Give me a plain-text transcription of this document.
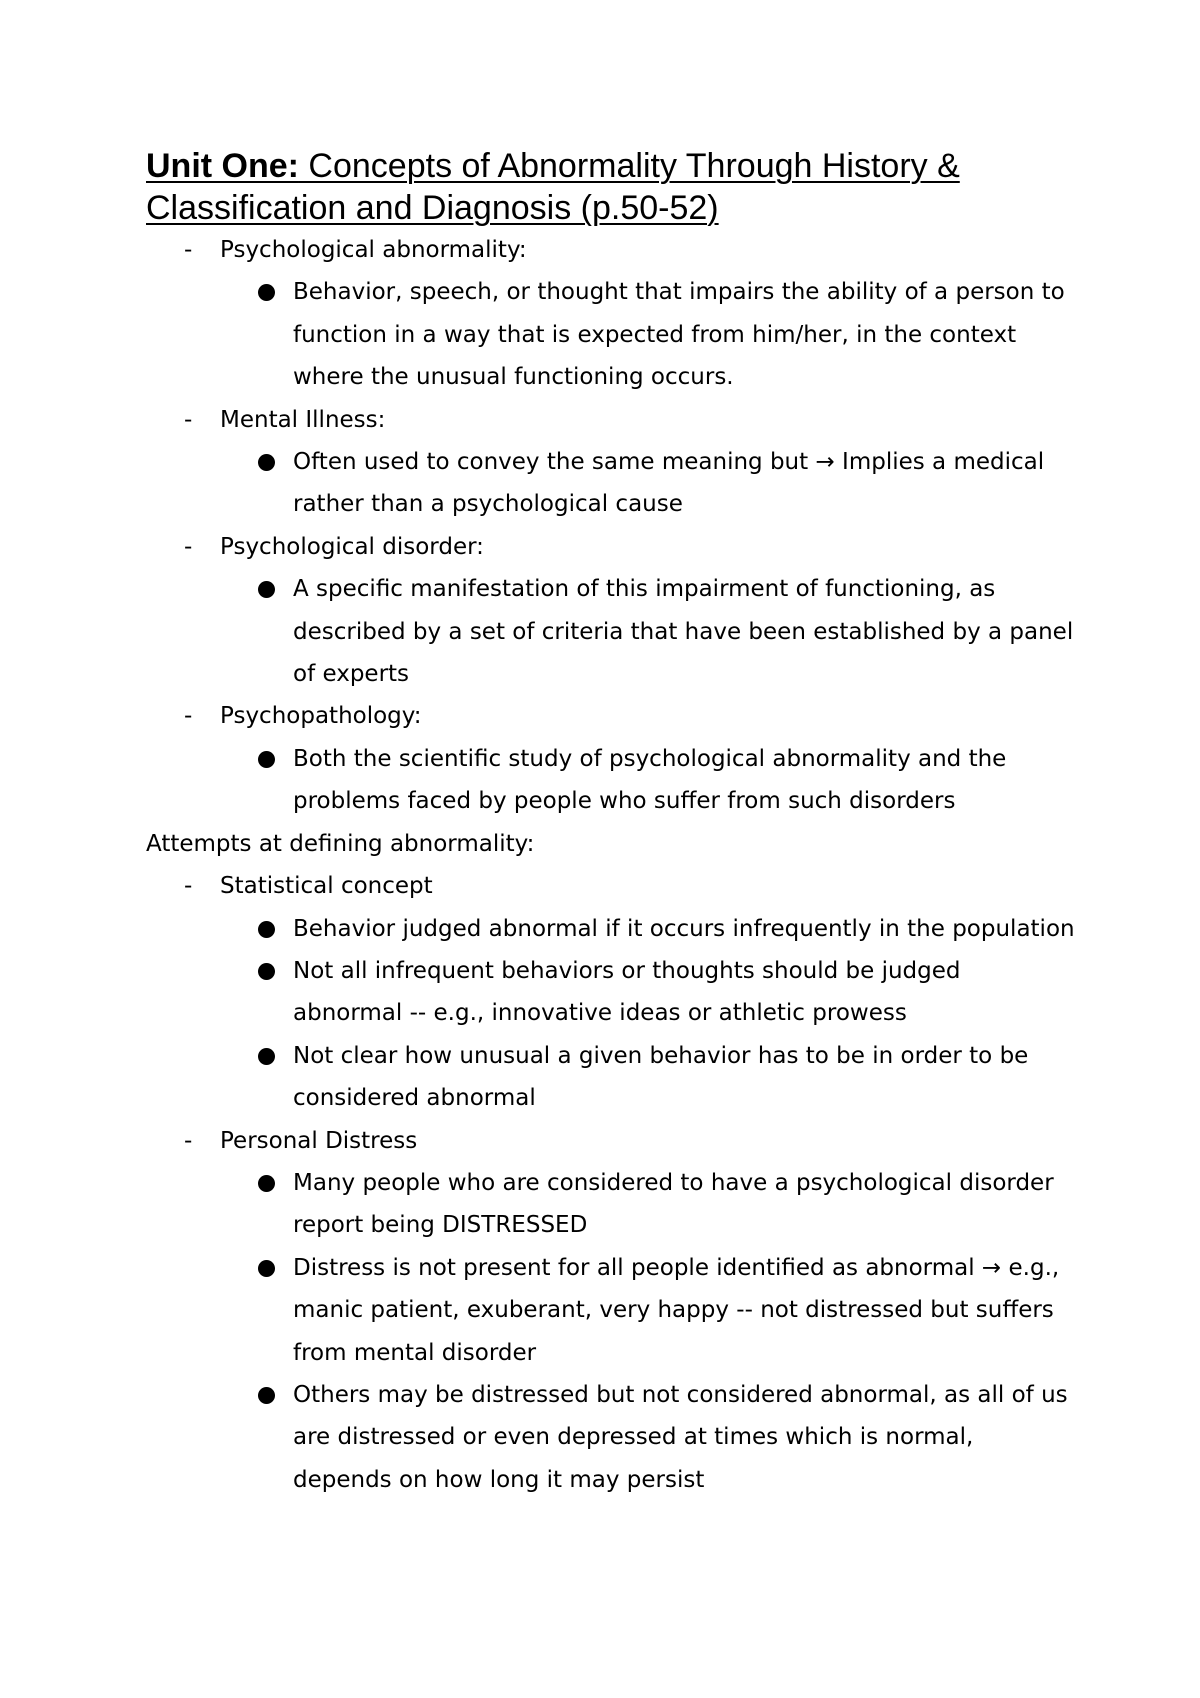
Unit One: Concepts of Abnormality Through History & Classification and Diagnosis (p.50-52)
- Psychological abnormality:
Behavior, speech, or thought that impairs the ability of a person to function in a way that is expected from him/her, in the context where the unusual functioning occurs.
- Mental Illness:
Often used to convey the same meaning but → Implies a medical rather than a psychological cause
- Psychological disorder:
A specific manifestation of this impairment of functioning, as described by a set of criteria that have been established by a panel of experts
- Psychopathology:
Both the scientific study of psychological abnormality and the problems faced by people who suffer from such disorders
Attempts at defining abnormality:
- Statistical concept
Behavior judged abnormal if it occurs infrequently in the population
Not all infrequent behaviors or thoughts should be judged abnormal -- e.g., innovative ideas or athletic prowess
Not clear how unusual a given behavior has to be in order to be considered abnormal
- Personal Distress
Many people who are considered to have a psychological disorder report being DISTRESSED
Distress is not present for all people identified as abnormal → e.g., manic patient, exuberant, very happy -- not distressed but suffers from mental disorder
Others may be distressed but not considered abnormal, as all of us are distressed or even depressed at times which is normal, depends on how long it may persist
